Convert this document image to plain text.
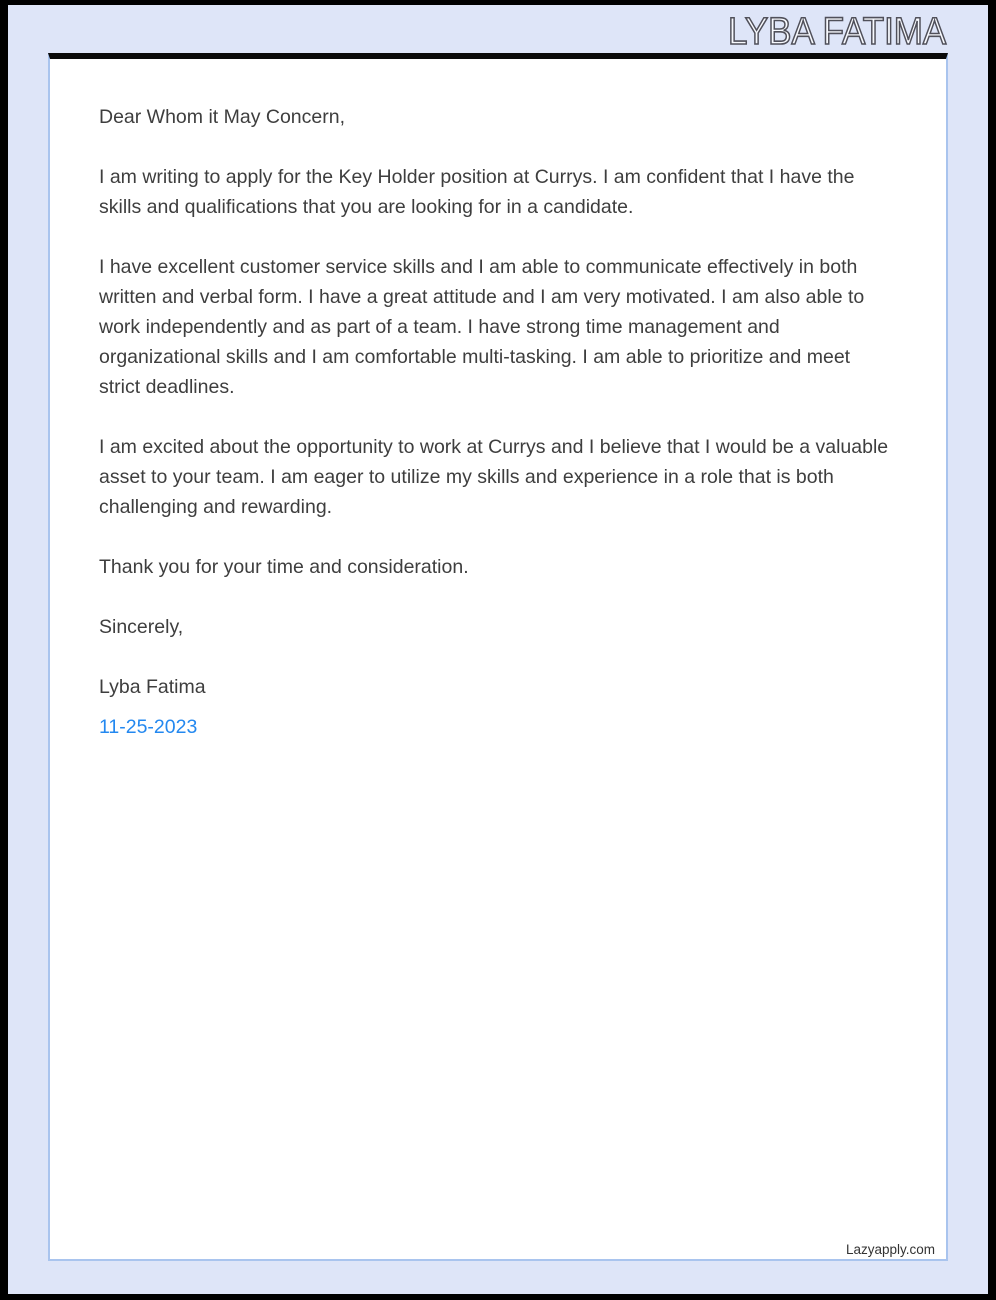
LYBA FATIMA

Dear Whom it May Concern,

I am writing to apply for the Key Holder position at Currys. I am confident that I have the skills and qualifications that you are looking for in a candidate.

I have excellent customer service skills and I am able to communicate effectively in both written and verbal form. I have a great attitude and I am very motivated. I am also able to work independently and as part of a team. I have strong time management and organizational skills and I am comfortable multi-tasking. I am able to prioritize and meet strict deadlines.

I am excited about the opportunity to work at Currys and I believe that I would be a valuable asset to your team. I am eager to utilize my skills and experience in a role that is both challenging and rewarding.

Thank you for your time and consideration.

Sincerely,

Lyba Fatima

11-25-2023

Lazyapply.com
